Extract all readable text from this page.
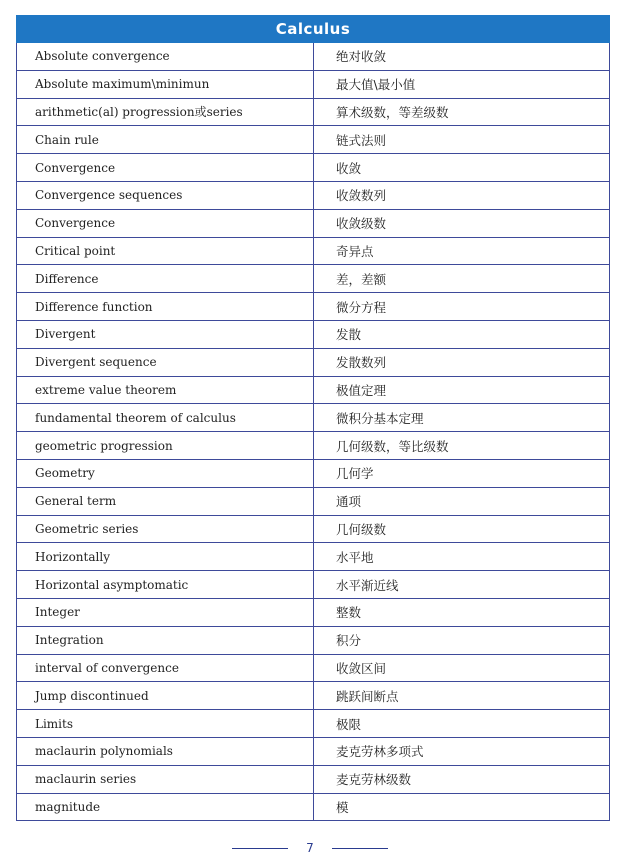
Calculus	
Absolute convergence	绝对收敛
Absolute maximum\minimun	最大值\最小值
arithmetic(al) progression或series	算术级数，等差级数
Chain rule	链式法则
Convergence	收敛
Convergence sequences	收敛数列
Convergence	收敛级数
Critical point	奇异点
Difference	差，差额
Difference function	微分方程
Divergent	发散
Divergent sequence	发散数列
extreme value theorem	极值定理
fundamental theorem of calculus	微积分基本定理
geometric progression	几何级数，等比级数
Geometry	几何学
General term	通项
Geometric series	几何级数
Horizontally	水平地
Horizontal asymptomatic	水平渐近线
Integer	整数
Integration	积分
interval of convergence	收敛区间
Jump discontinued	跳跃间断点
Limits	极限
maclaurin polynomials	麦克劳林多项式
maclaurin series	麦克劳林级数
magnitude	模
7
